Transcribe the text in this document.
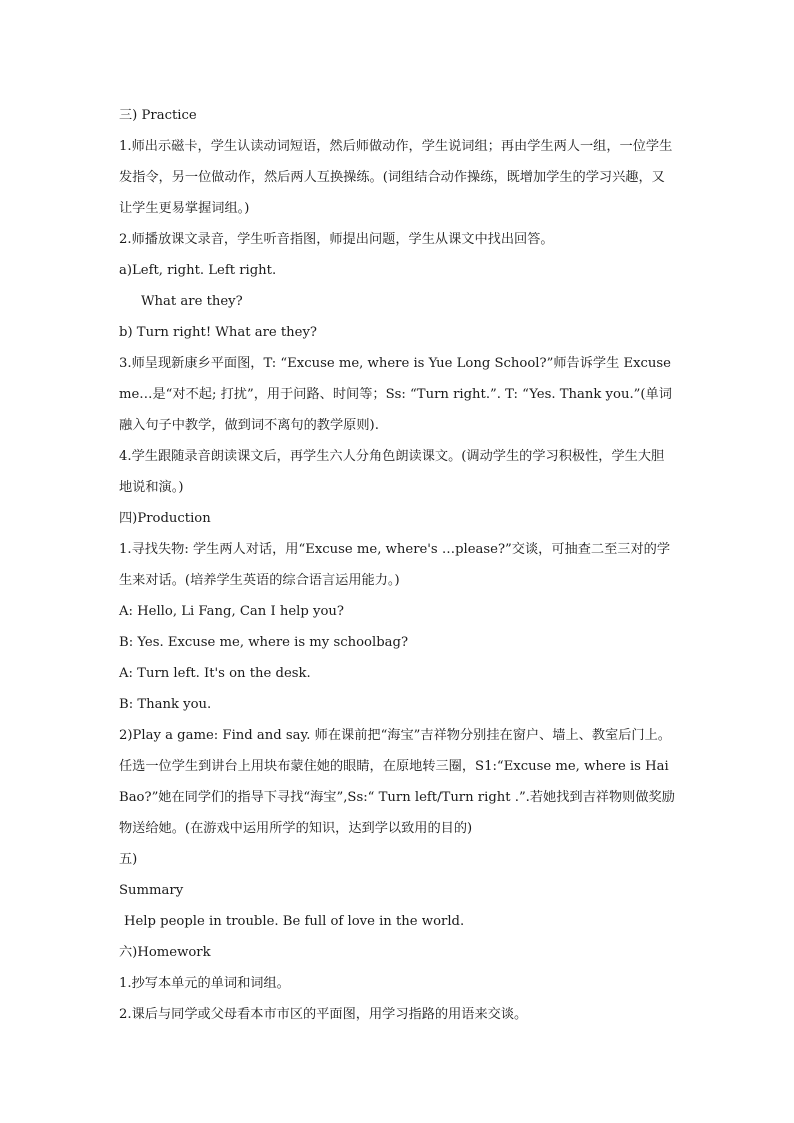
三) Practice

1.师出示磁卡，学生认读动词短语，然后师做动作，学生说词组；再由学生两人一组，一位学生发指令，另一位做动作，然后两人互换操练。(词组结合动作操练，既增加学生的学习兴趣，又让学生更易掌握词组。)

2.师播放课文录音，学生听音指图，师提出问题，学生从课文中找出回答。

a)Left, right. Left right.

What are they?

b) Turn right! What are they?

3.师呈现新康乡平面图，T: “Excuse me, where is Yue Long School?”师告诉学生 Excuse me…是“对不起; 打扰”，用于问路、时间等；Ss: “Turn right.”. T: “Yes. Thank you.”(单词融入句子中教学，做到词不离句的教学原则).

4.学生跟随录音朗读课文后，再学生六人分角色朗读课文。(调动学生的学习积极性，学生大胆地说和演。)

四)Production

1.寻找失物: 学生两人对话，用“Excuse me, where's …please?”交谈，可抽查二至三对的学生来对话。(培养学生英语的综合语言运用能力。)

A: Hello, Li Fang, Can I help you?

B: Yes. Excuse me, where is my schoolbag?

A: Turn left. It's on the desk.

B: Thank you.

2)Play a game: Find and say. 师在课前把“海宝”吉祥物分别挂在窗户、墙上、教室后门上。任选一位学生到讲台上用块布蒙住她的眼睛，在原地转三圈，S1:“Excuse me, where is Hai Bao?”她在同学们的指导下寻找“海宝”,Ss:“ Turn left/Turn right .”.若她找到吉祥物则做奖励物送给她。(在游戏中运用所学的知识，达到学以致用的目的)

五)

Summary

Help people in trouble. Be full of love in the world.

六)Homework

1.抄写本单元的单词和词组。

2.课后与同学或父母看本市市区的平面图，用学习指路的用语来交谈。
